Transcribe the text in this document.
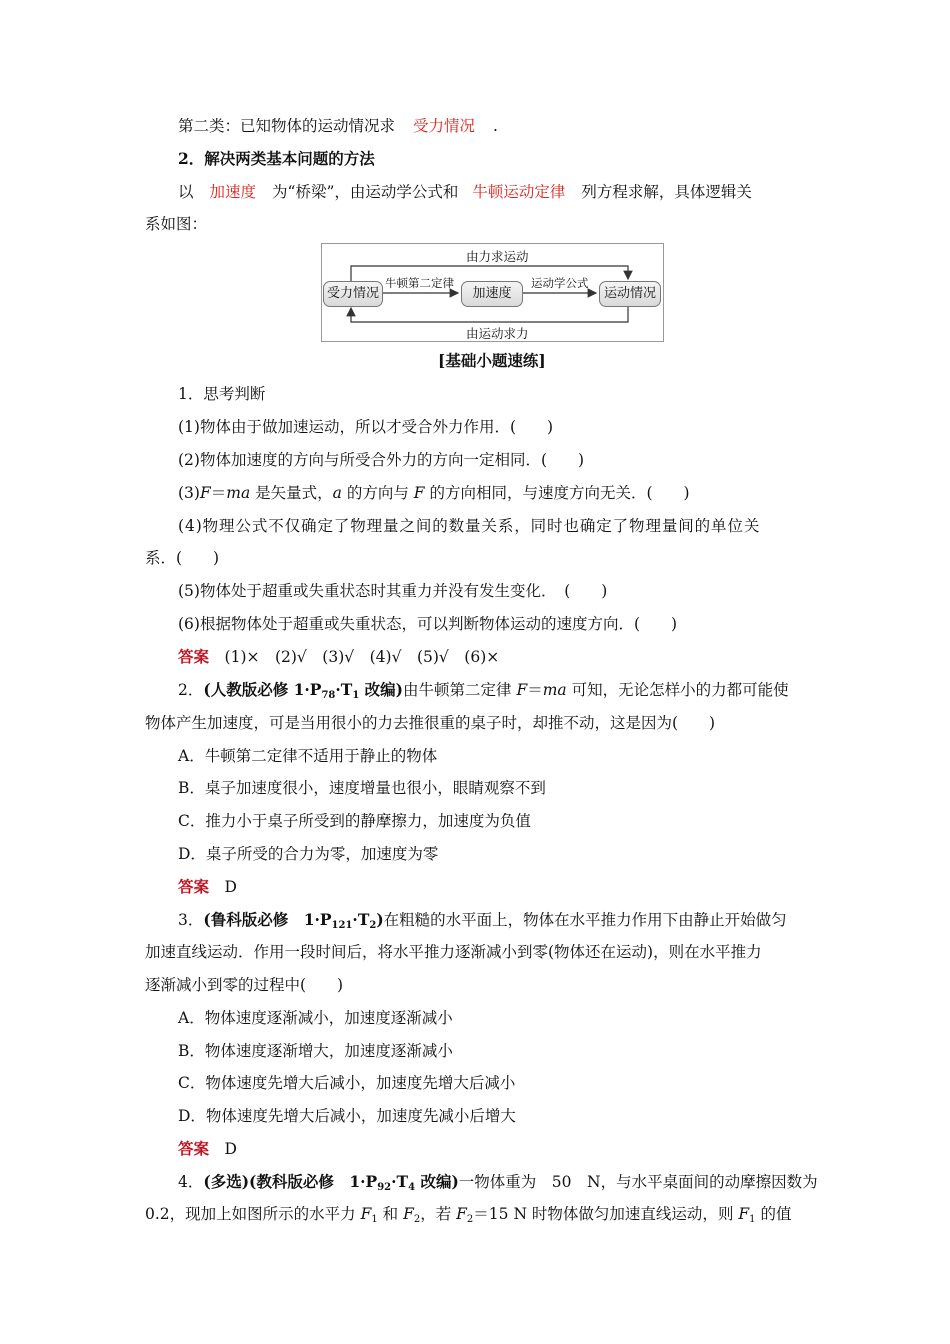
第二类：已知物体的运动情况求 受力情况 .
2．解决两类基本问题的方法
以 加速度 为“桥梁”，由运动学公式和 牛顿运动定律 列方程求解，具体逻辑关
系如图：
由力求运动
由运动求力
受力情况	加速度	运动情况
牛顿第二定律	运动学公式
[基础小题速练]
1．思考判断
(1)物体由于做加速运动，所以才受合外力作用．(　　)
(2)物体加速度的方向与所受合外力的方向一定相同．(　　)
(3)F＝ma 是矢量式，a 的方向与 F 的方向相同，与速度方向无关．(　　)
(4)物理公式不仅确定了物理量之间的数量关系，同时也确定了物理量间的单位关
系．(　　)
(5)物体处于超重或失重状态时其重力并没有发生变化．　(　　)
(6)根据物体处于超重或失重状态，可以判断物体运动的速度方向．(　　)
答案　 (1)×　(2)√　(3)√　(4)√　(5)√　(6)×
2．(人教版必修 $1\cdot P_{78}\cdot T_1$ 改编)由牛顿第二定律 F＝ma 可知，无论怎样小的力都可能使
物体产生加速度，可是当用很小的力去推很重的桌子时，却推不动，这是因为(　　)
A．牛顿第二定律不适用于静止的物体
B．桌子加速度很小，速度增量也很小，眼睛观察不到
C．推力小于桌子所受到的静摩擦力，加速度为负值
D．桌子所受的合力为零，加速度为零
答案　 D
3．(鲁科版必修　$1\cdot P_{121}\cdot T_2$)在粗糙的水平面上，物体在水平推力作用下由静止开始做匀
加速直线运动．作用一段时间后，将水平推力逐渐减小到零(物体还在运动)，则在水平推力
逐渐减小到零的过程中(　　)
A．物体速度逐渐减小，加速度逐渐减小
B．物体速度逐渐增大，加速度逐渐减小
C．物体速度先增大后减小，加速度先增大后减小
D．物体速度先增大后减小，加速度先减小后增大
答案　 D
4．(多选)(教科版必修　$1\cdot P_{92}\cdot T_4$ 改编)一物体重为　50　N，与水平桌面间的动摩擦因数为
0.2，现加上如图所示的水平力 $F_1$ 和 $F_2$，若 $F_2=15$ N 时物体做匀加速直线运动，则 $F_1$ 的值
